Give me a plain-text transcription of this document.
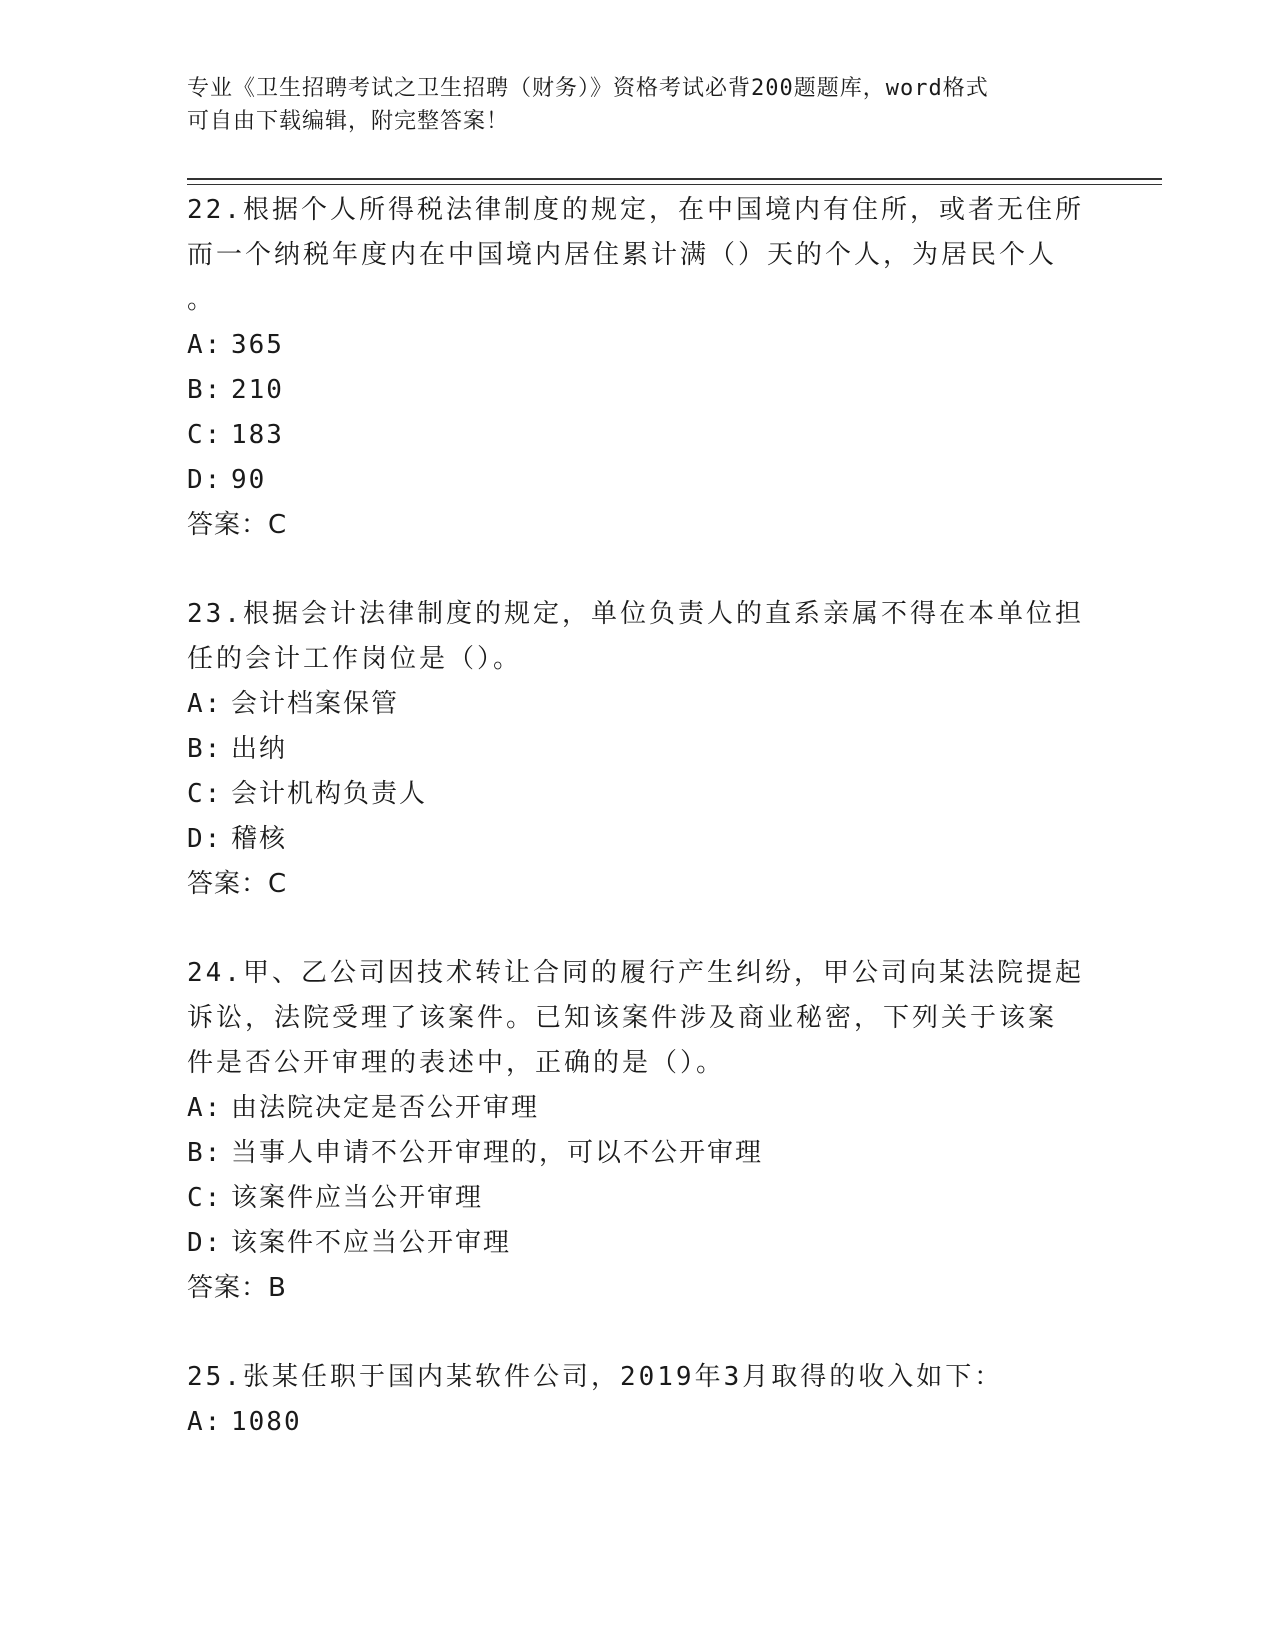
专业《卫生招聘考试之卫生招聘（财务）》资格考试必背200题题库，word格式
可自由下载编辑，附完整答案！
22.根据个人所得税法律制度的规定，在中国境内有住所，或者无住所
而一个纳税年度内在中国境内居住累计满（）天的个人，为居民个人
。
A: 365
B: 210
C: 183
D: 90
答案：C
23.根据会计法律制度的规定，单位负责人的直系亲属不得在本单位担
任的会计工作岗位是（）。
A: 会计档案保管
B: 出纳
C: 会计机构负责人
D: 稽核
答案：C
24.甲、乙公司因技术转让合同的履行产生纠纷，甲公司向某法院提起
诉讼，法院受理了该案件。已知该案件涉及商业秘密，下列关于该案
件是否公开审理的表述中，正确的是（）。
A: 由法院决定是否公开审理
B: 当事人申请不公开审理的，可以不公开审理
C: 该案件应当公开审理
D: 该案件不应当公开审理
答案：B
25.张某任职于国内某软件公司，2019年3月取得的收入如下：
A: 1080
